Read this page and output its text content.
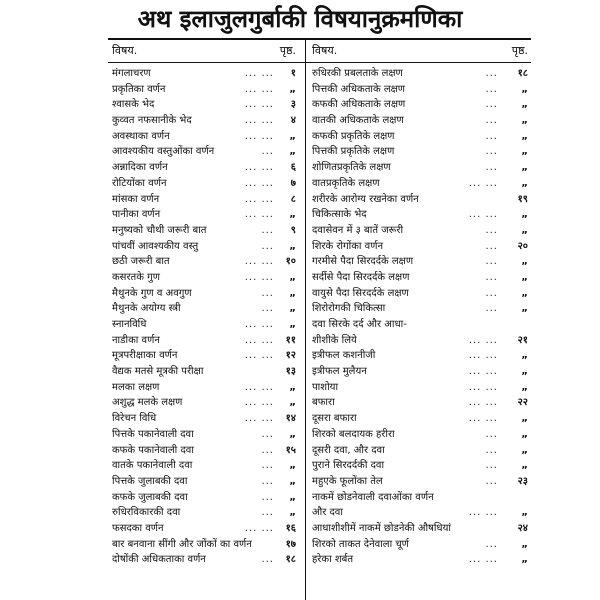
अथ इलाजुलगुर्बाकी विषयानुक्रमणिका
विषय.	पृष्ठ. विषय.	पृष्ठ.
मंगलाचरण	... ... १
प्रकृतिका वर्णन	... ... „
श्वासके भेद	... ... ३
कुव्वत नफसानीके भेद	... ... ४
अवस्थाका वर्णन	... ... „
आवश्यकीय वस्तुओंका वर्णन	... „
अन्नादिका वर्णन	... ... ६
रोटियोंका वर्णन	... ... ७
मांसका वर्णन	... ... ८
पानीका वर्णन	... ... „
मनुष्यको चौथी जरूरी बात	... ९
पांचवीं आवश्यकीय वस्तु	... „
छठी जरूरी बात	... ... १०
कसरतके गुण	... ... „
मैथुनके गुण व अवगुण	... „
मैथुनके अयोग्य स्त्री	... „
स्नानविधि	... ... „
नाडीका वर्णन	... ... ११
मूत्रपरीक्षाका वर्णन	... ... १२
वैद्यक मतसे मूत्रकी परीक्षा	१३
मलका लक्षण	... ... „
अशुद्ध मलके लक्षण	... ... „
विरेचन विधि	... ... १४
पित्तके पकानेवाली दवा	... „
कफके पकानेवाली दवा	... १५
वातके पकानेवाली दवा	... „
पित्तके जुलाबकी दवा	... „
कफके जुलाबकी दवा	... „
रुधिरविकारकी दवा	... „
फसदका वर्णन	... ... १६
बार बनवाना सींगी और जोंकों का वर्णन	१७
दोषोंकी अधिकताका वर्णन	... १८
रुधिरकी प्रबलताके लक्षण	... १८
पित्तकी अधिकताके लक्षण	... „
कफकी अधिकताके लक्षण	... „
वातकी अधिकताके लक्षण	... „
कफकी प्रकृतिके लक्षण	... „
पित्तकी प्रकृतिके लक्षण	... „
शोणितप्रकृतिके लक्षण	... „
वातप्रकृतिके लक्षण	... ... „
शरीरके आरोग्य रखनेका वर्णन	१९
चिकित्साके भेद	... ... „
दवासेवन में ३ बातें जरूरी	... „
शिरके रोगोंका वर्णन	... २०
गरमीसे पैदा सिरदर्दके लक्षण	... „
सर्दीसे पैदा सिरदर्दके लक्षण	... „
वायुसे पैदा सिरदर्दके लक्षण	... „
शिरोरोगकी चिकित्सा	... „
दवा सिरके दर्द और आधा-
शीशीके लिये	... ... २१
इत्रीफल कशनीजी	... ... „
इत्रीफल मुलैयन	... ... „
पाशोया	... ... „
बफारा	... ... २२
दूसरा बफारा	... ... „
शिरको बलदायक हरीरा	... „
दूसरी दवा, और दवा	... „
पुराने सिरदर्दकी दवा	... „
महुएके फूलोंका तेल	... २३
नाकमें छोडनेवाली दवाओंका वर्णन
और दवा	... ... „
आधाशीशीमें नाकमें छोडनेकी औषधियां	२४
शिरको ताकत देनेवाला चूर्ण	... „
हरेका शर्बत	... ... „
